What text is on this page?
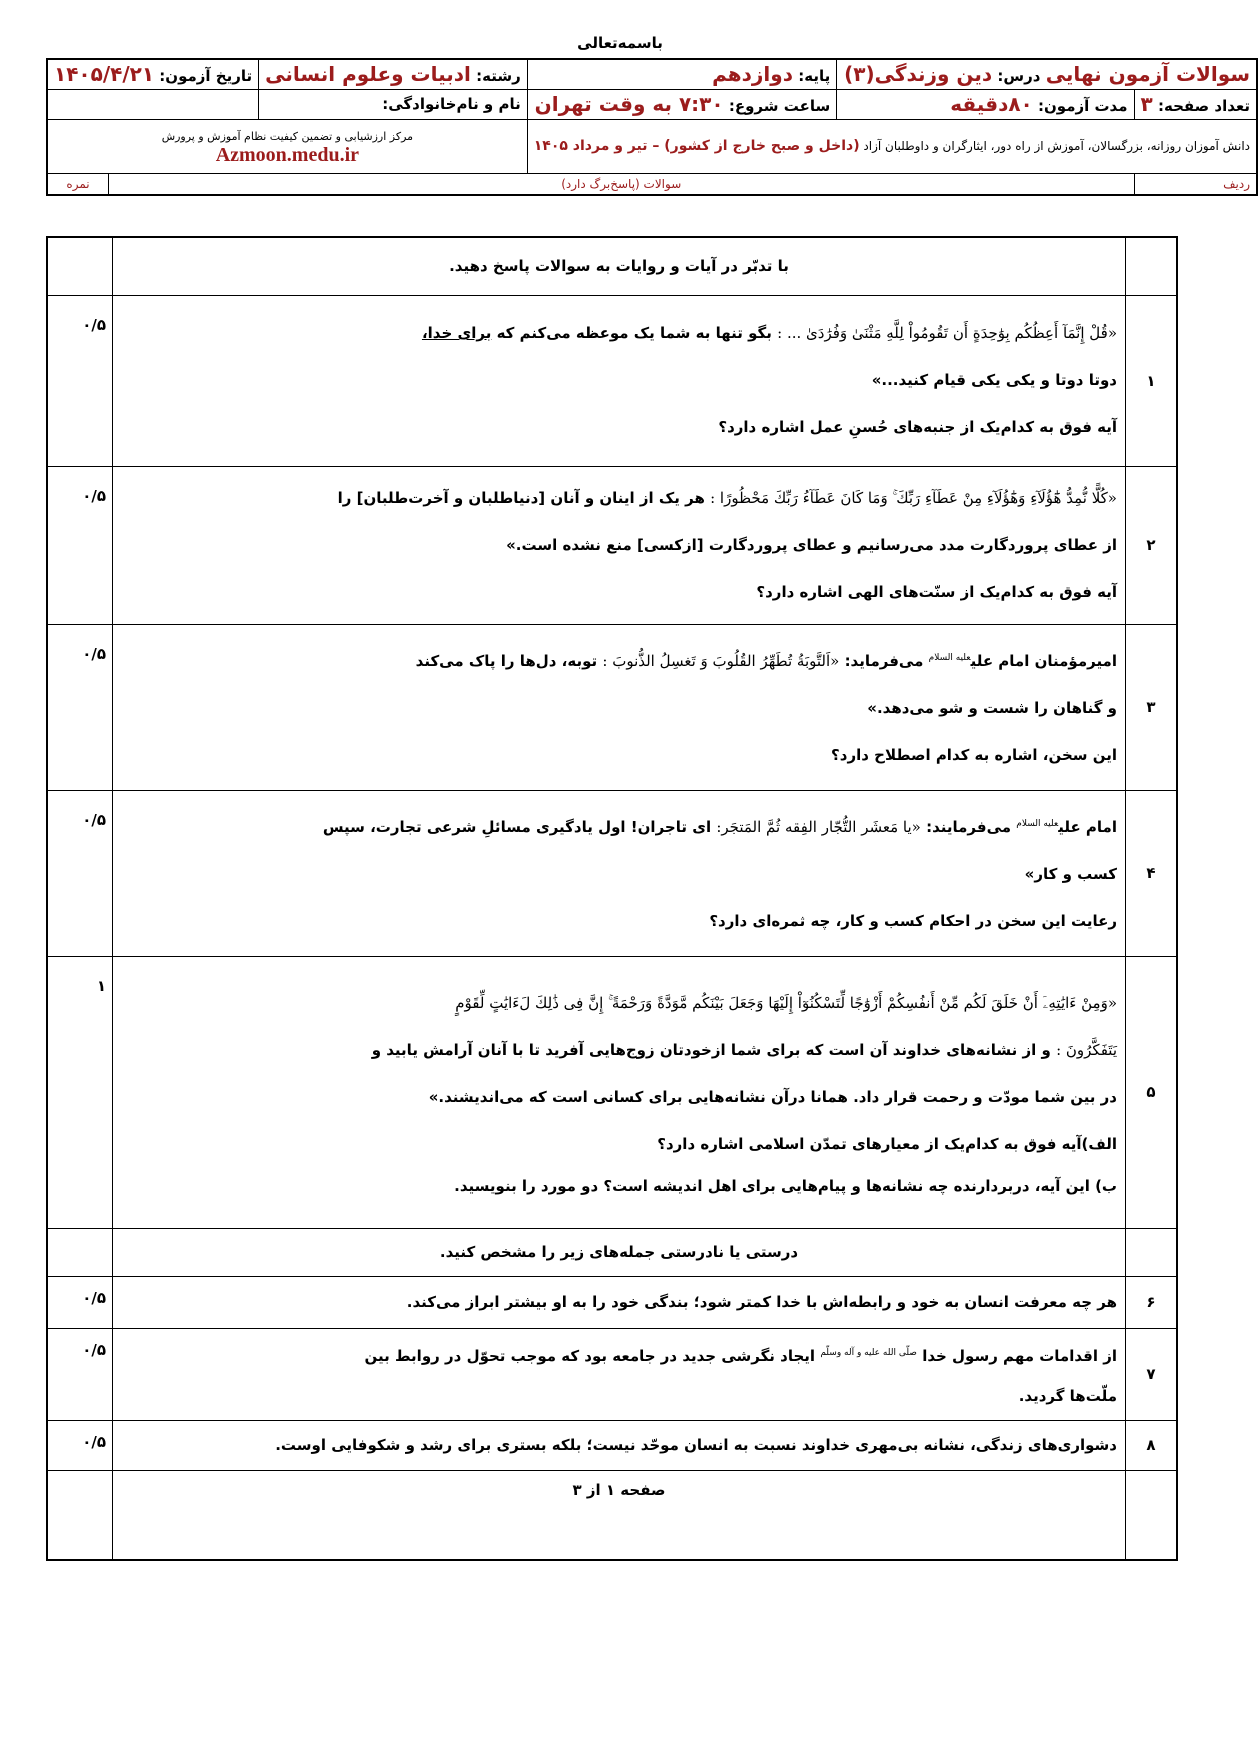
باسمه‌تعالی
سوالات آزمون نهایی درس: دین وزندگی(۳)		پایه: دوازدهم	رشته: ادبیات وعلوم انسانی	تاریخ آزمون: ۱۴۰۵/۴/۲۱	
تعداد صفحه: ۳	مدت آزمون: ۸۰دقیقه	ساعت شروع: ۷:۳۰ به وقت تهران	نام و نام‌خانوادگی:		
دانش آموزان روزانه، بزرگسالان، آموزش از راه دور، ایثارگران و داوطلبان آزاد (داخل و صبح خارج از کشور) – تیر و مرداد ۱۴۰۵			مرکز ارزشیابی و تضمین کیفیت نظام آموزش و پرورش
Azmoon.medu.ir		

ردیف	سوالات (پاسخ‌برگ دارد)				نمره
	با تدبّر در آیات و روایات به سوالات پاسخ دهید.	
۱	«قُلْ إِنَّمَآ أَعِظُكُم بِوَٰحِدَةٍ أَن تَقُومُواْ لِلَّهِ مَثْنَىٰ وَفُرَٰدَىٰ ... : بگو تنها به شما یک موعظه می‌کنم که برای خدا،

دوتا دوتا و یکی یکی قیام کنید...»

آیه فوق به کدام‌یک از جنبه‌های حُسنِ عمل اشاره دارد؟	۰/۵
۲	«كُلًّا نُّمِدُّ هَٰٓؤُلَآءِ وَهَٰٓؤُلَآءِ مِنْ عَطَآءِ رَبِّكَ ۚ وَمَا كَانَ عَطَآءُ رَبِّكَ مَحْظُورًا : هر یک از اینان و آنان [دنیاطلبان و آخرت‌طلبان] را

از عطای پروردگارت مدد می‌رسانیم و عطای پروردگارت [ازکسی] منع نشده است.»

آیه فوق به کدام‌یک از سنّت‌های الهی اشاره دارد؟	۰/۵
۳	امیرمؤمنان امام علی$^{علیه السلام}$ می‌فرماید: «اَلتَّوبَةُ تُطَهِّرُ القُلُوبَ وَ تَغسِلُ الذُّنوبَ : توبه، دل‌ها را پاک می‌کند

و گناهان را شست و شو می‌دهد.»

این سخن، اشاره به کدام اصطلاح دارد؟	۰/۵
۴	امام علی$^{علیه السلام}$ می‌فرمایند: «یا مَعشَر التُّجّار الفِقه ثُمَّ المَتجَر: ای تاجران! اول یادگیری مسائلِ شرعی تجارت، سپس

کسب و کار»

رعایت این سخن در احکام کسب و کار، چه ثمره‌ای دارد؟	۰/۵
۵	«وَمِنْ ءَايَٰتِهِۦٓ أَنْ خَلَقَ لَكُم مِّنْ أَنفُسِكُمْ أَزْوَٰجًا لِّتَسْكُنُوٓاْ إِلَيْهَا وَجَعَلَ بَيْنَكُم مَّوَدَّةً وَرَحْمَةً ۚ إِنَّ فِى ذَٰلِكَ لَءَايَٰتٍ لِّقَوْمٍ

يَتَفَكَّرُونَ : و از نشانه‌های خداوند آن است که برای شما ازخودتان زوج‌هایی آفرید تا با آنان آرامش یابید و

در بین شما مودّت و رحمت قرار داد. همانا درآن نشانه‌هایی برای کسانی است که می‌اندیشند.»

الف)آیه فوق به کدام‌یک از معیارهای تمدّن اسلامی اشاره دارد؟

ب) این آیه، دربردارنده چه نشانه‌ها و پیام‌هایی برای اهل اندیشه است؟ دو مورد را بنویسید.	۱
	درستی یا نادرستی جمله‌های زیر را مشخص کنید.	
۶	هر چه معرفت انسان به خود و رابطه‌اش با خدا کمتر شود؛ بندگی خود را به او بیشتر ابراز می‌کند.	۰/۵
۷	از اقدامات مهم رسول خدا $^{صلّی الله علیه و آله وسلّم}$ ایجاد نگرشی جدید در جامعه بود که موجب تحوّل در روابط بین

ملّت‌ها گردید.	۰/۵
۸	دشواری‌های زندگی، نشانه بی‌مهری خداوند نسبت به انسان موحّد نیست؛ بلکه بستری برای رشد و شکوفایی اوست.	۰/۵
	صفحه ۱ از ۳	
